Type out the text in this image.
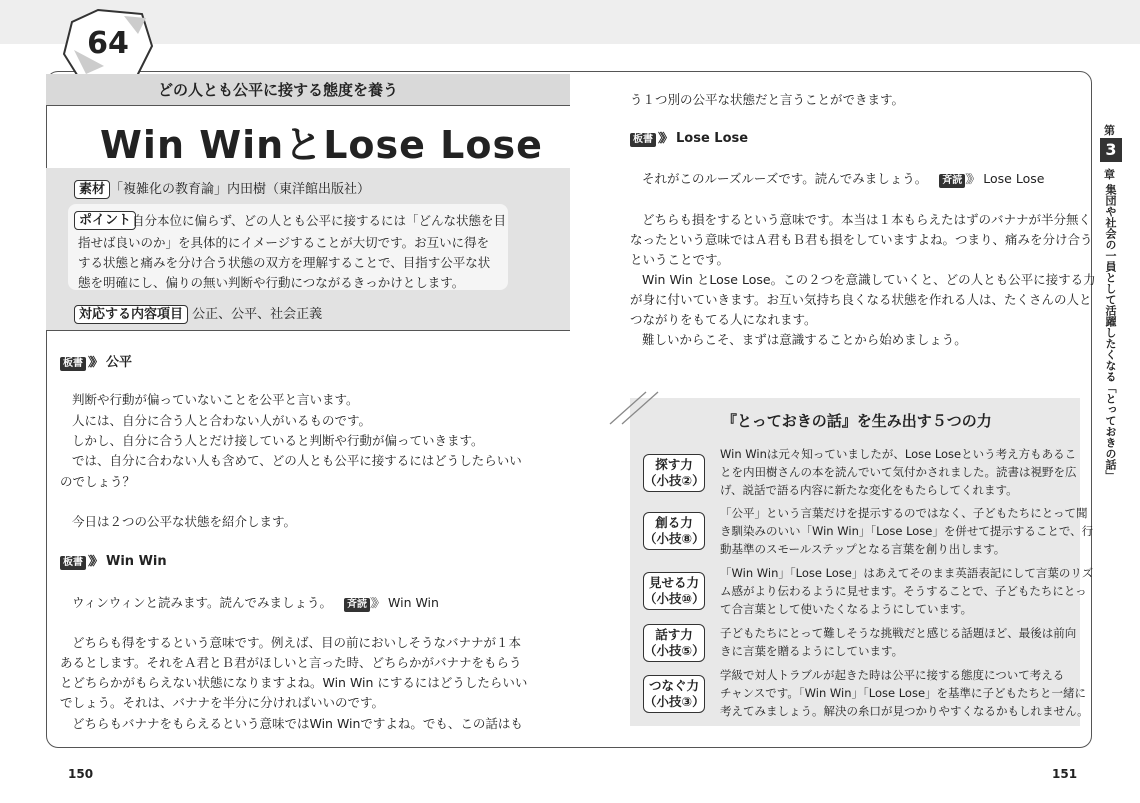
64
どの人とも公平に接する態度を養う
Win WinとLose Lose
素材 「複雑化の教育論」内田樹（東洋館出版社）
ポイント 自分本位に偏らず、どの人とも公平に接するには「どんな状態を目
指せば良いのか」を具体的にイメージすることが大切です。お互いに得を
する状態と痛みを分け合う状態の双方を理解することで、目指す公平な状
態を明確にし、偏りの無い判断や行動につながるきっかけとします。
対応する内容項目 公正、公平、社会正義
板書 》》 公平
判断や行動が偏っていないことを公平と言います。
人には、自分に合う人と合わない人がいるものです。
しかし、自分に合う人とだけ接していると判断や行動が偏っていきます。
では、自分に合わない人も含めて、どの人とも公平に接するにはどうしたらいい
のでしょう？
今日は２つの公平な状態を紹介します。
板書 》》 Win Win
ウィンウィンと読みます。読んでみましょう。 斉読 》》 Win Win
どちらも得をするという意味です。例えば、目の前においしそうなバナナが１本
あるとします。それをＡ君とＢ君がほしいと言った時、どちらかがバナナをもらう
とどちらかがもらえない状態になりますよね。Win Win にするにはどうしたらいい
でしょう。それは、バナナを半分に分ければいいのです。
どちらもバナナをもらえるという意味ではWin Winですよね。でも、この話はも
う１つ別の公平な状態だと言うことができます。
板書 》》 Lose Lose
それがこのルーズルーズです。読んでみましょう。 斉読 》》 Lose Lose
どちらも損をするという意味です。本当は１本もらえたはずのバナナが半分無く
なったという意味ではＡ君もＢ君も損をしていますよね。つまり、痛みを分け合う
ということです。
Win Win とLose Lose。この２つを意識していくと、どの人とも公平に接する力
が身に付いていきます。お互い気持ち良くなる状態を作れる人は、たくさんの人と
つながりをもてる人になれます。
難しいからこそ、まずは意識することから始めましょう。
『とっておきの話』を生み出す５つの力
探す力
（小技②）
Win Winは元々知っていましたが、Lose Loseという考え方もあるこ
とを内田樹さんの本を読んでいて気付かされました。読書は視野を広
げ、説話で語る内容に新たな変化をもたらしてくれます。
創る力
（小技⑧）
「公平」という言葉だけを提示するのではなく、子どもたちにとって聞
き馴染みのいい「Win Win」「Lose Lose」を併せて提示することで、行
動基準のスモールステップとなる言葉を創り出します。
見せる力
（小技⑩）
「Win Win」「Lose Lose」はあえてそのまま英語表記にして言葉のリズ
ム感がより伝わるように見せます。そうすることで、子どもたちにとっ
て合言葉として使いたくなるようにしています。
話す力
（小技⑤）
子どもたちにとって難しそうな挑戦だと感じる話題ほど、最後は前向
きに言葉を贈るようにしています。
つなぐ力
（小技③）
学級で対人トラブルが起きた時は公平に接する態度について考える
チャンスです。「Win Win」「Lose Lose」を基準に子どもたちと一緒に
考えてみましょう。解決の糸口が見つかりやすくなるかもしれません。
第
3
章
集団や社会の一員として活躍したくなる「とっておきの話」
150	151
